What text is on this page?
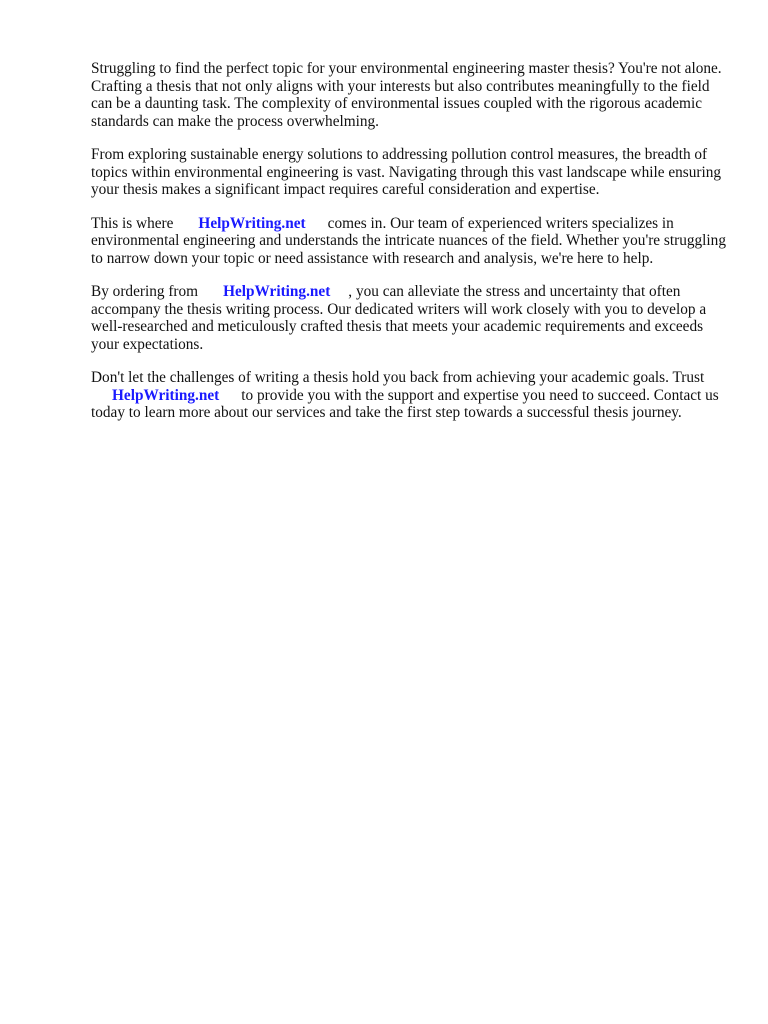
Struggling to find the perfect topic for your environmental engineering master thesis? You're not alone. Crafting a thesis that not only aligns with your interests but also contributes meaningfully to the field can be a daunting task. The complexity of environmental issues coupled with the rigorous academic standards can make the process overwhelming.

From exploring sustainable energy solutions to addressing pollution control measures, the breadth of topics within environmental engineering is vast. Navigating through this vast landscape while ensuring your thesis makes a significant impact requires careful consideration and expertise.

This is where HelpWriting.net comes in. Our team of experienced writers specializes in environmental engineering and understands the intricate nuances of the field. Whether you're struggling to narrow down your topic or need assistance with research and analysis, we're here to help.

By ordering from HelpWriting.net , you can alleviate the stress and uncertainty that often accompany the thesis writing process. Our dedicated writers will work closely with you to develop a well-researched and meticulously crafted thesis that meets your academic requirements and exceeds your expectations.

Don't let the challenges of writing a thesis hold you back from achieving your academic goals. Trust
HelpWriting.net to provide you with the support and expertise you need to succeed. Contact us today to learn more about our services and take the first step towards a successful thesis journey.
